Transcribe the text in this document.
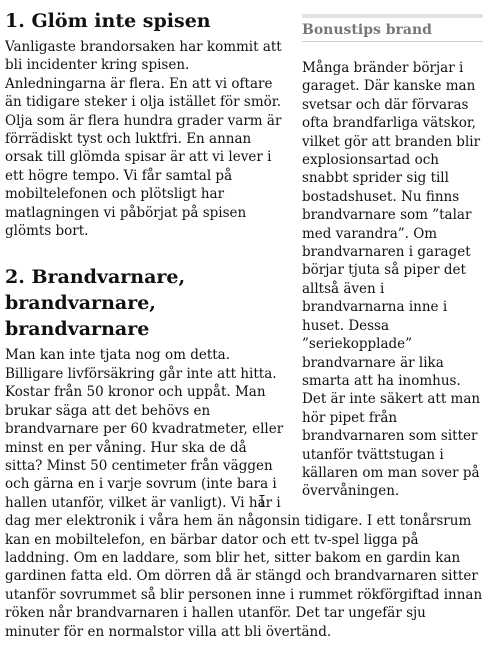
Bonustips brand

Många bränder börjar i garaget. Där kanske man svetsar och där förvaras ofta brandfarliga vätskor, vilket gör att branden blir explosionsartad och snabbt sprider sig till bostadshuset. Nu finns brandvarnare som ”talar med varandra”. Om brandvarnaren i garaget börjar tjuta så piper det alltså även i brandvarnarna inne i huset. Dessa ”seriekopplade” brandvarnare är lika smarta att ha inomhus. Det är inte säkert att man hör pipet från brandvarnaren som sitter utanför tvättstugan i källaren om man sover på övervåningen.

1. Glöm inte spisen

Vanligaste brandorsaken har kommit att bli incidenter kring spisen. Anledningarna är flera. En att vi oftare än tidigare steker i olja istället för smör. Olja som är flera hundra grader varm är förrädiskt tyst och luktfri. En annan orsak till glömda spisar är att vi lever i ett högre tempo. Vi får samtal på mobiltelefonen och plötsligt har matlagningen vi påbörjat på spisen glömts bort.

2. Brandvarnare, brandvarnare, brandvarnare

Man kan inte tjata nog om detta. Billigare livförsäkring går inte att hitta. Kostar från 50 kronor och uppåt. Man brukar säga att det behövs en brandvarnare per 60 kvadratmeter, eller minst en per våning. Hur ska de då sitta? Minst 50 centimeter från väggen och gärna en i varje sovrum (inte bara i hallen utanför, vilket är vanligt). Vi har i dag mer elektronik i våra hem än någonsin tidigare. I ett tonårsrum kan en mobiltelefon, en bärbar dator och ett tv-spel ligga på laddning. Om en laddare, som blir het, sitter bakom en gardin kan gardinen fatta eld. Om dörren då är stängd och brandvarnaren sitter utanför sovrummet så blir personen inne i rummet rökförgiftad innan röken når brandvarnaren i hallen utanför. Det tar ungefär sju minuter för en normalstor villa att bli övertänd.
